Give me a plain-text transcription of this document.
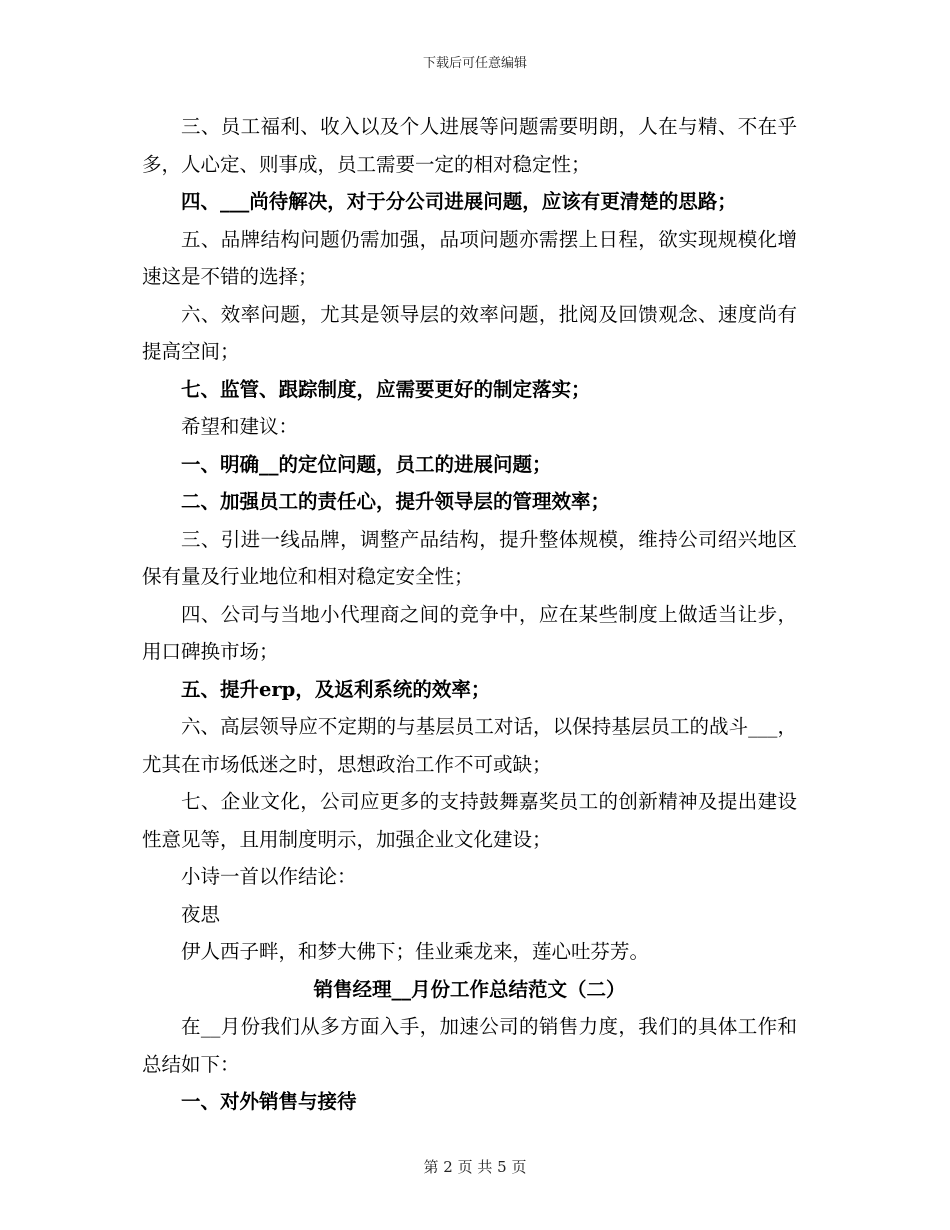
下载后可任意编辑

三、员工福利、收入以及个人进展等问题需要明朗，人在与精、不在乎多，人心定、则事成，员工需要一定的相对稳定性；

四、___尚待解决，对于分公司进展问题，应该有更清楚的思路；

五、品牌结构问题仍需加强，品项问题亦需摆上日程，欲实现规模化增速这是不错的选择；

六、效率问题，尤其是领导层的效率问题，批阅及回馈观念、速度尚有提高空间；

七、监管、跟踪制度，应需要更好的制定落实；

希望和建议：

一、明确__的定位问题，员工的进展问题；

二、加强员工的责任心，提升领导层的管理效率；

三、引进一线品牌，调整产品结构，提升整体规模，维持公司绍兴地区保有量及行业地位和相对稳定安全性；

四、公司与当地小代理商之间的竞争中，应在某些制度上做适当让步，用口碑换市场；

五、提升erp，及返利系统的效率；

六、高层领导应不定期的与基层员工对话，以保持基层员工的战斗___，尤其在市场低迷之时，思想政治工作不可或缺；

七、企业文化，公司应更多的支持鼓舞嘉奖员工的创新精神及提出建设性意见等，且用制度明示，加强企业文化建设；

小诗一首以作结论：

夜思

伊人西子畔，和梦大佛下；佳业乘龙来，莲心吐芬芳。

销售经理__月份工作总结范文（二）

在__月份我们从多方面入手，加速公司的销售力度，我们的具体工作和总结如下：

一、对外销售与接待

第 2 页 共 5 页
